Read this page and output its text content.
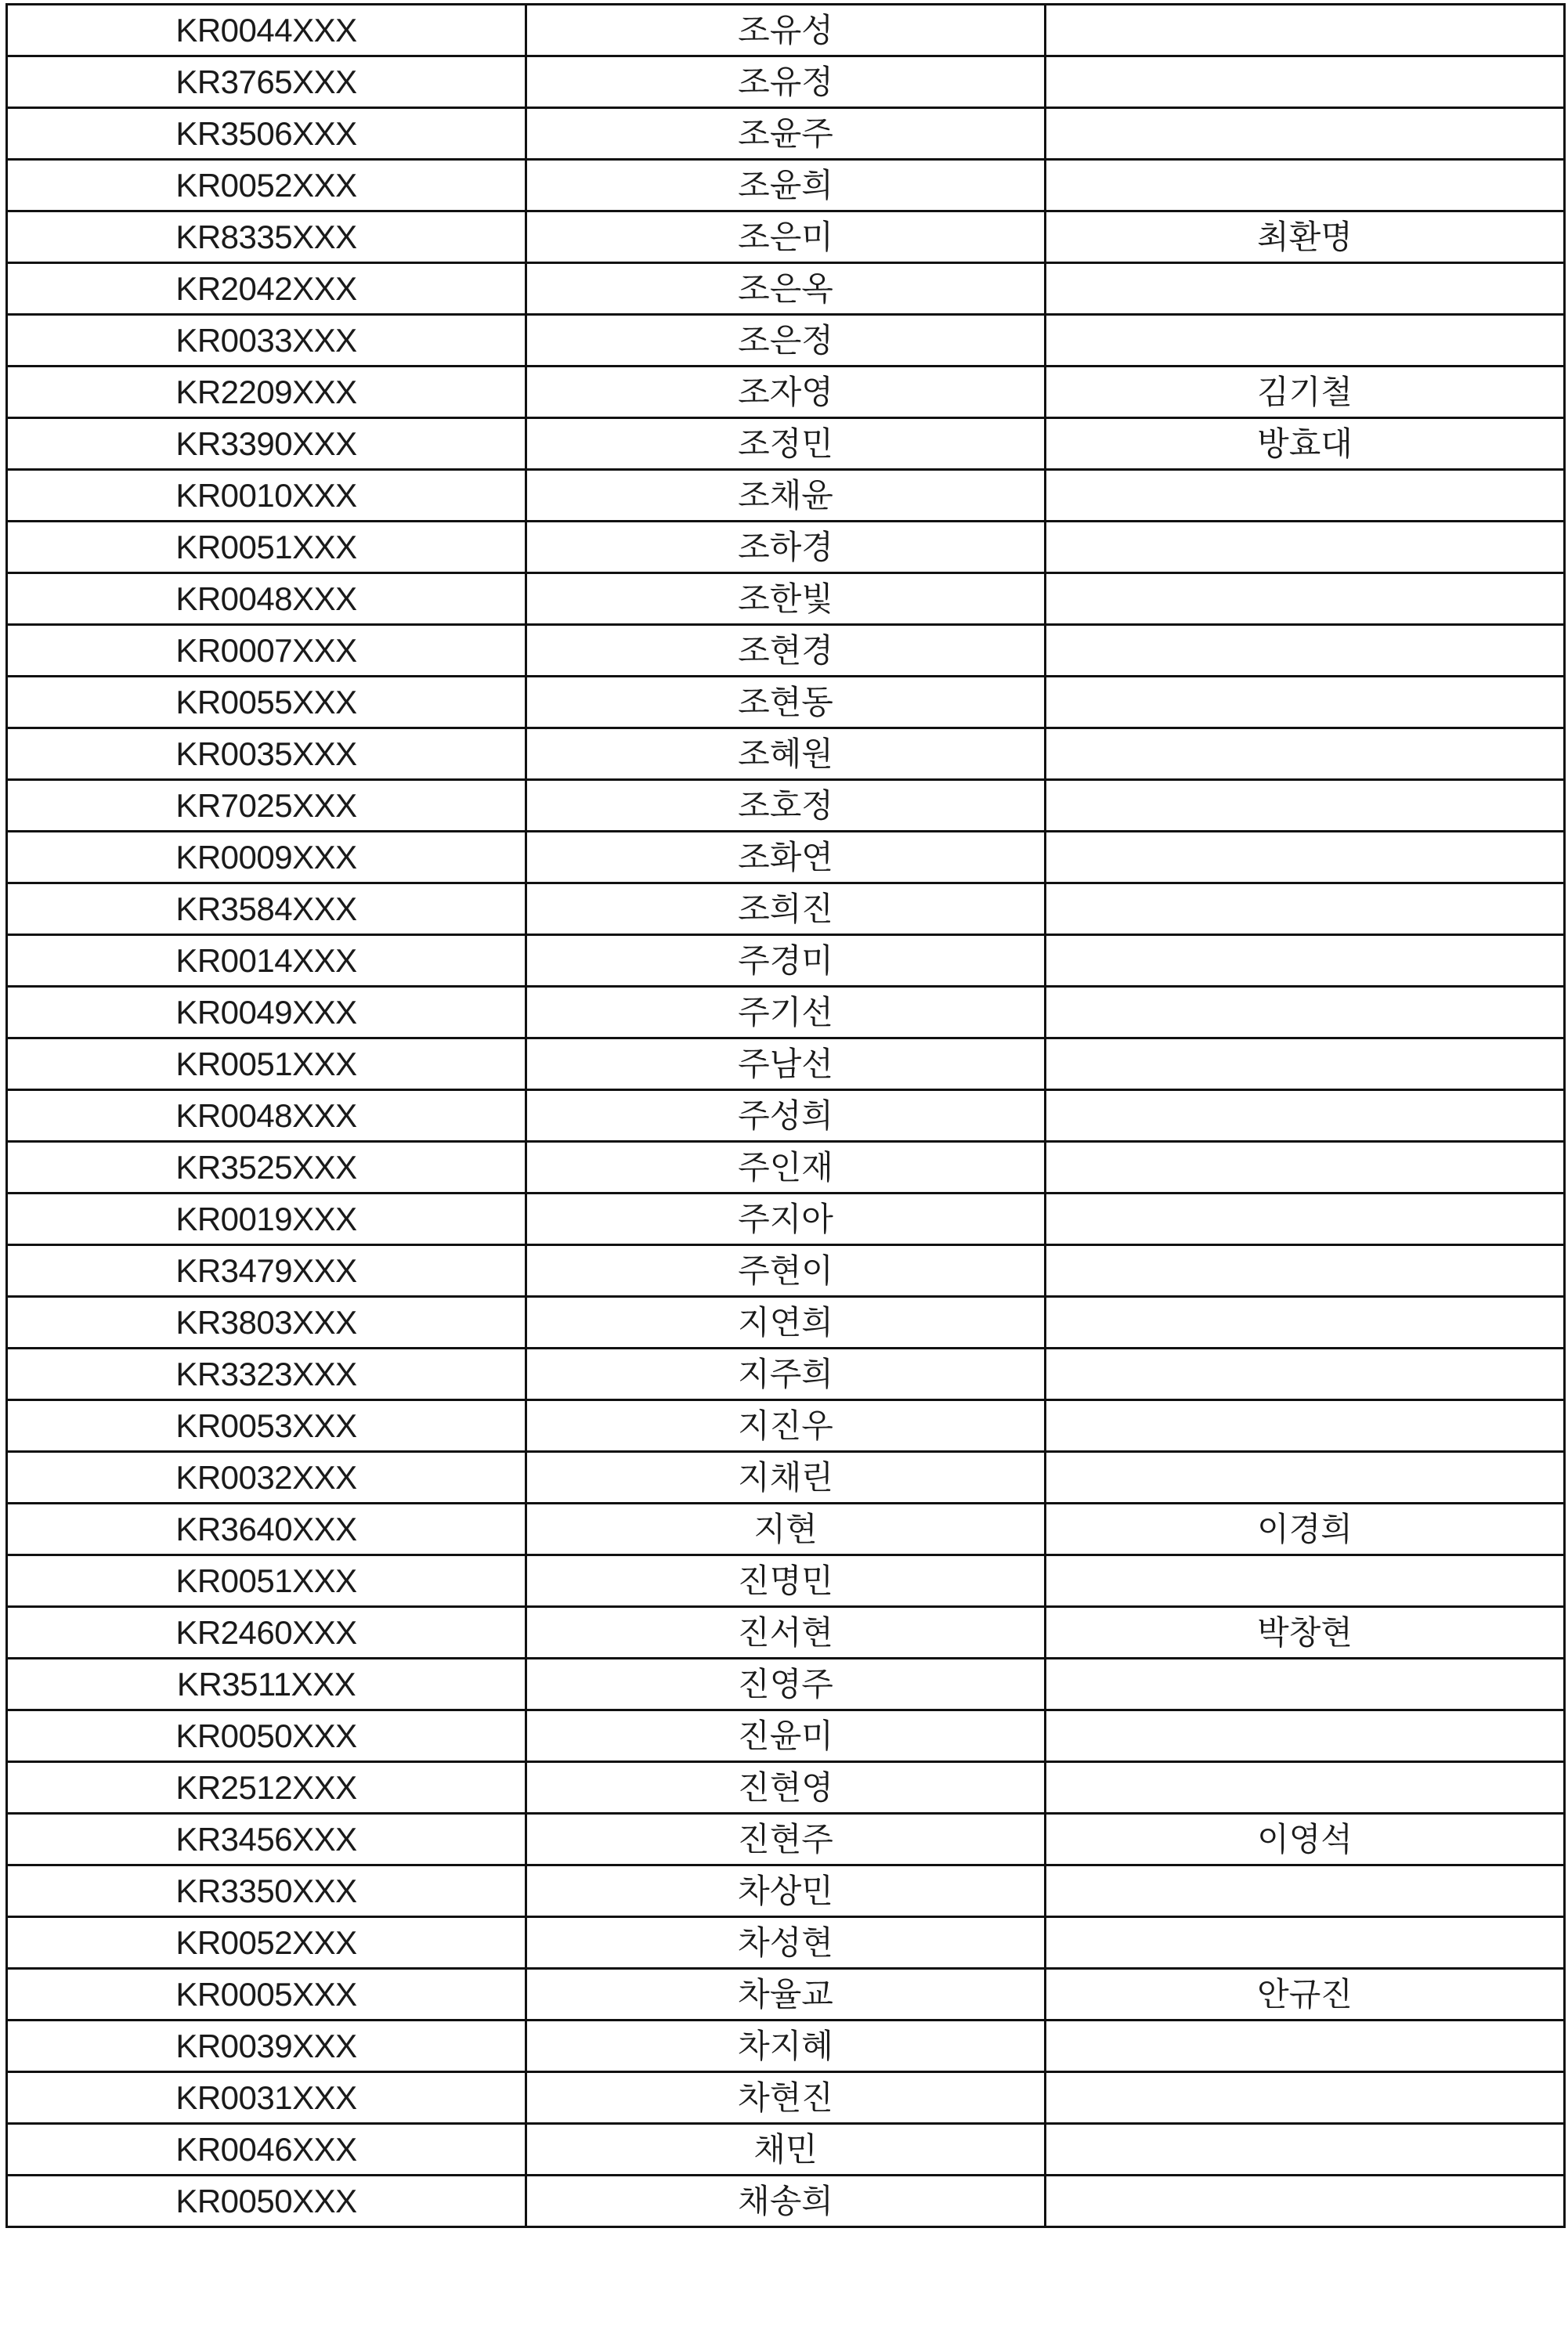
KR0044XXX	조유성	
KR3765XXX	조유정	
KR3506XXX	조윤주	
KR0052XXX	조윤희	
KR8335XXX	조은미	최환명
KR2042XXX	조은옥	
KR0033XXX	조은정	
KR2209XXX	조자영	김기철
KR3390XXX	조정민	방효대
KR0010XXX	조채윤	
KR0051XXX	조하경	
KR0048XXX	조한빛	
KR0007XXX	조현경	
KR0055XXX	조현동	
KR0035XXX	조혜원	
KR7025XXX	조호정	
KR0009XXX	조화연	
KR3584XXX	조희진	
KR0014XXX	주경미	
KR0049XXX	주기선	
KR0051XXX	주남선	
KR0048XXX	주성희	
KR3525XXX	주인재	
KR0019XXX	주지아	
KR3479XXX	주현이	
KR3803XXX	지연희	
KR3323XXX	지주희	
KR0053XXX	지진우	
KR0032XXX	지채린	
KR3640XXX	지현	이경희
KR0051XXX	진명민	
KR2460XXX	진서현	박창현
KR3511XXX	진영주	
KR0050XXX	진윤미	
KR2512XXX	진현영	
KR3456XXX	진현주	이영석
KR3350XXX	차상민	
KR0052XXX	차성현	
KR0005XXX	차율교	안규진
KR0039XXX	차지혜	
KR0031XXX	차현진	
KR0046XXX	채민	
KR0050XXX	채송희	
